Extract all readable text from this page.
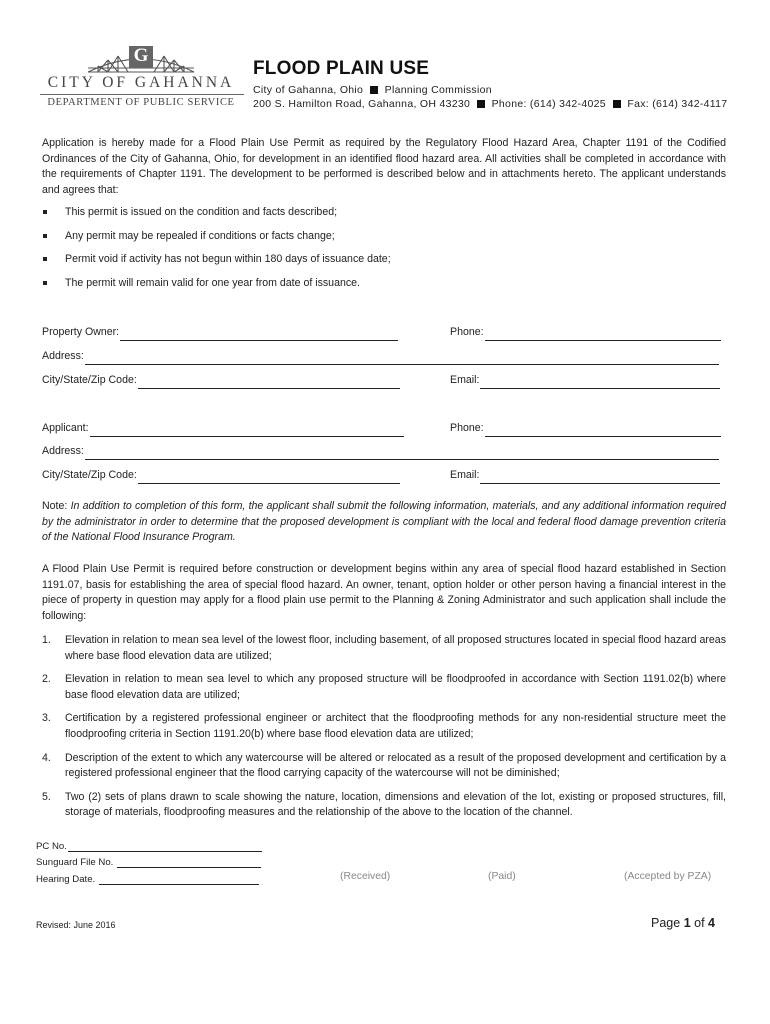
G
CITY OF GAHANNA
DEPARTMENT OF PUBLIC SERVICE
FLOOD PLAIN USE
City of Gahanna, Ohio Planning Commission
200 S. Hamilton Road, Gahanna, OH 43230 Phone: (614) 342-4025 Fax: (614) 342-4117

Application is hereby made for a Flood Plain Use Permit as required by the Regulatory Flood Hazard Area, Chapter 1191 of the Codified Ordinances of the City of Gahanna, Ohio, for development in an identified flood hazard area. All activities shall be completed in accordance with the requirements of Chapter 1191. The development to be performed is described below and in attachments hereto. The applicant understands and agrees that:

This permit is issued on the condition and facts described;
Any permit may be repealed if conditions or facts change;
Permit void if activity has not begun within 180 days of issuance date;
The permit will remain valid for one year from date of issuance.
Property Owner:	Phone:
Address:
City/State/Zip Code:	Email:
Applicant:	Phone:
Address:
City/State/Zip Code:	Email:

Note: In addition to completion of this form, the applicant shall submit the following information, materials, and any additional information required by the administrator in order to determine that the proposed development is compliant with the local and federal flood damage prevention criteria of the National Flood Insurance Program.

A Flood Plain Use Permit is required before construction or development begins within any area of special flood hazard established in Section 1191.07, basis for establishing the area of special flood hazard. An owner, tenant, option holder or other person having a financial interest in the piece of property in question may apply for a flood plain use permit to the Planning & Zoning Administrator and such application shall include the following:

1. Elevation in relation to mean sea level of the lowest floor, including basement, of all proposed structures located in special flood hazard areas where base flood elevation data are utilized;
2. Elevation in relation to mean sea level to which any proposed structure will be floodproofed in accordance with Section 1191.02(b) where base flood elevation data are utilized;
3. Certification by a registered professional engineer or architect that the floodproofing methods for any non-residential structure meet the floodproofing criteria in Section 1191.20(b) where base flood elevation data are utilized;
4. Description of the extent to which any watercourse will be altered or relocated as a result of the proposed development and certification by a registered professional engineer that the flood carrying capacity of the watercourse will not be diminished;
5. Two (2) sets of plans drawn to scale showing the nature, location, dimensions and elevation of the lot, existing or proposed structures, fill, storage of materials, floodproofing measures and the relationship of the above to the location of the channel.
PC No.
Sunguard File No.
Hearing Date.	(Received)	(Paid)	(Accepted by PZA)
Revised: June 2016	Page 1 of 4
